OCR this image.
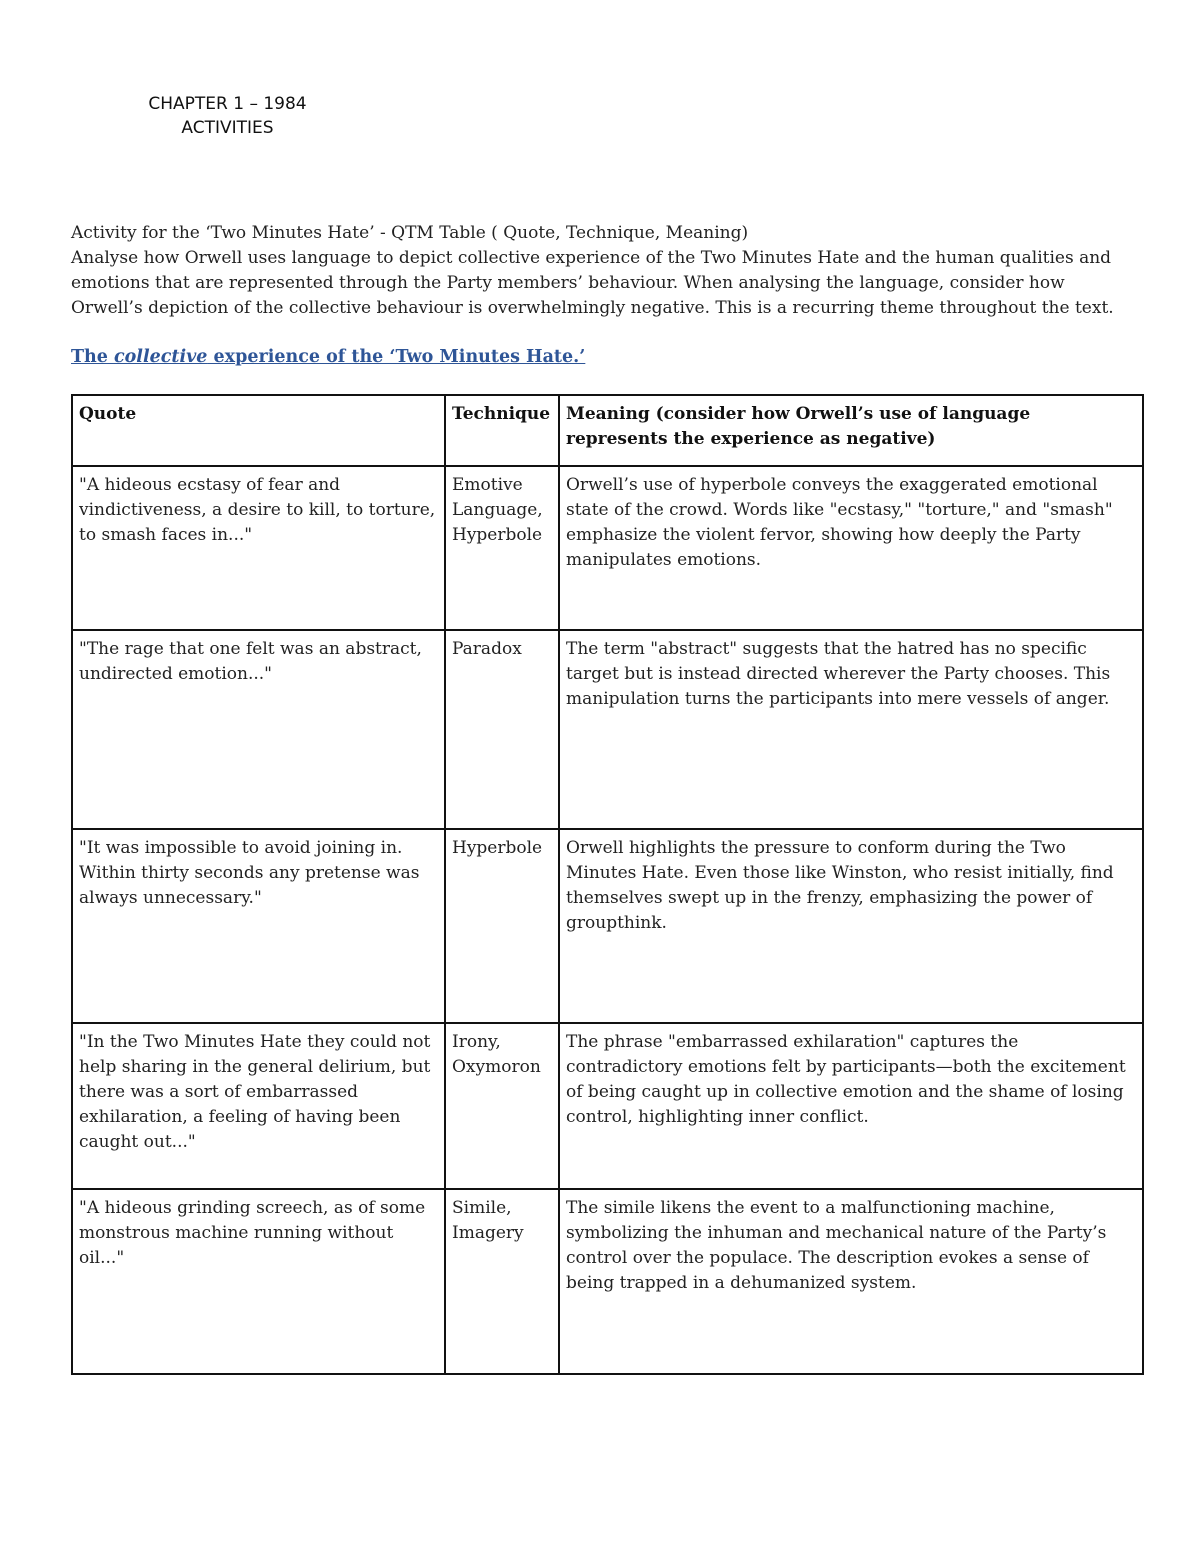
CHAPTER 1 – 1984
ACTIVITIES

Activity for the ‘Two Minutes Hate’ - QTM Table ( Quote, Technique, Meaning)

Analyse how Orwell uses language to depict collective experience of the Two Minutes Hate and the human qualities and emotions that are represented through the Party members’ behaviour. When analysing the language, consider how Orwell’s depiction of the collective behaviour is overwhelmingly negative. This is a recurring theme throughout the text.

The collective experience of the ‘Two Minutes Hate.’
Quote	Technique	Meaning (consider how Orwell’s use of language represents the experience as negative)
"A hideous ecstasy of fear and vindictiveness, a desire to kill, to torture, to smash faces in..."	Emotive Language, Hyperbole	Orwell’s use of hyperbole conveys the exaggerated emotional state of the crowd. Words like "ecstasy," "torture," and "smash" emphasize the violent fervor, showing how deeply the Party manipulates emotions.
"The rage that one felt was an abstract, undirected emotion..."	Paradox	The term "abstract" suggests that the hatred has no specific target but is instead directed wherever the Party chooses. This manipulation turns the participants into mere vessels of anger.
"It was impossible to avoid joining in. Within thirty seconds any pretense was always unnecessary."	Hyperbole	Orwell highlights the pressure to conform during the Two Minutes Hate. Even those like Winston, who resist initially, find themselves swept up in the frenzy, emphasizing the power of groupthink.
"In the Two Minutes Hate they could not help sharing in the general delirium, but there was a sort of embarrassed exhilaration, a feeling of having been caught out..."	Irony, Oxymoron	The phrase "embarrassed exhilaration" captures the contradictory emotions felt by participants—both the excitement of being caught up in collective emotion and the shame of losing control, highlighting inner conflict.
"A hideous grinding screech, as of some monstrous machine running without oil..."	Simile, Imagery	The simile likens the event to a malfunctioning machine, symbolizing the inhuman and mechanical nature of the Party’s control over the populace. The description evokes a sense of being trapped in a dehumanized system.
